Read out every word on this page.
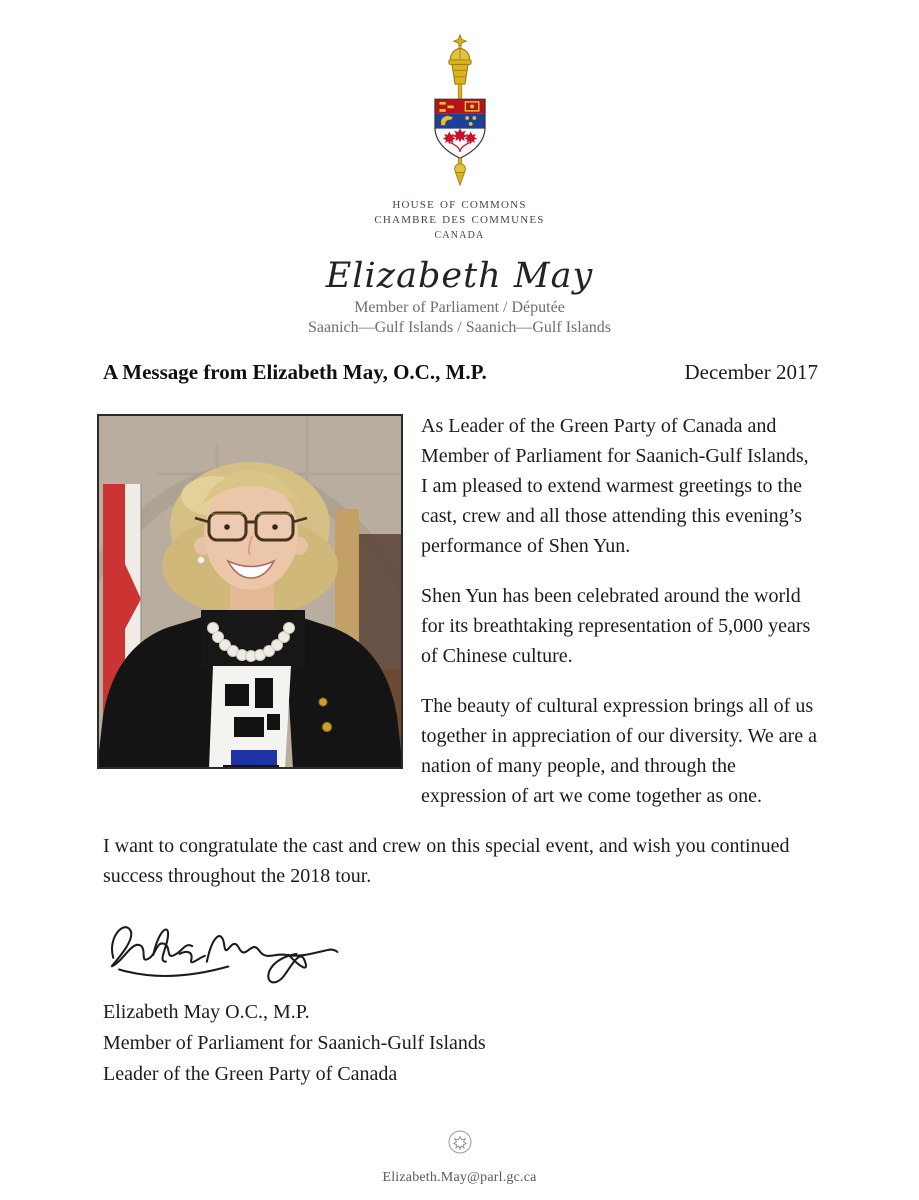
house of commons
chambre des communes
canada
Elizabeth May
Member of Parliament / Députée
Saanich—Gulf Islands / Saanich—Gulf Islands
A Message from Elizabeth May, O.C., M.P.	December 2017

As Leader of the Green Party of Canada and Member of Parliament for Saanich-Gulf Islands, I am pleased to extend warmest greetings to the cast, crew and all those attending this evening’s performance of Shen Yun.

Shen Yun has been celebrated around the world for its breathtaking representation of 5,000 years of Chinese culture.

The beauty of cultural expression brings all of us together in appreciation of our diversity. We are a nation of many people, and through the expression of art we come together as one.

I want to congratulate the cast and crew on this special event, and wish you continued success throughout the 2018 tour.

Elizabeth May O.C., M.P.
Member of Parliament for Saanich-Gulf Islands
Leader of the Green Party of Canada
Elizabeth.May@parl.gc.ca
